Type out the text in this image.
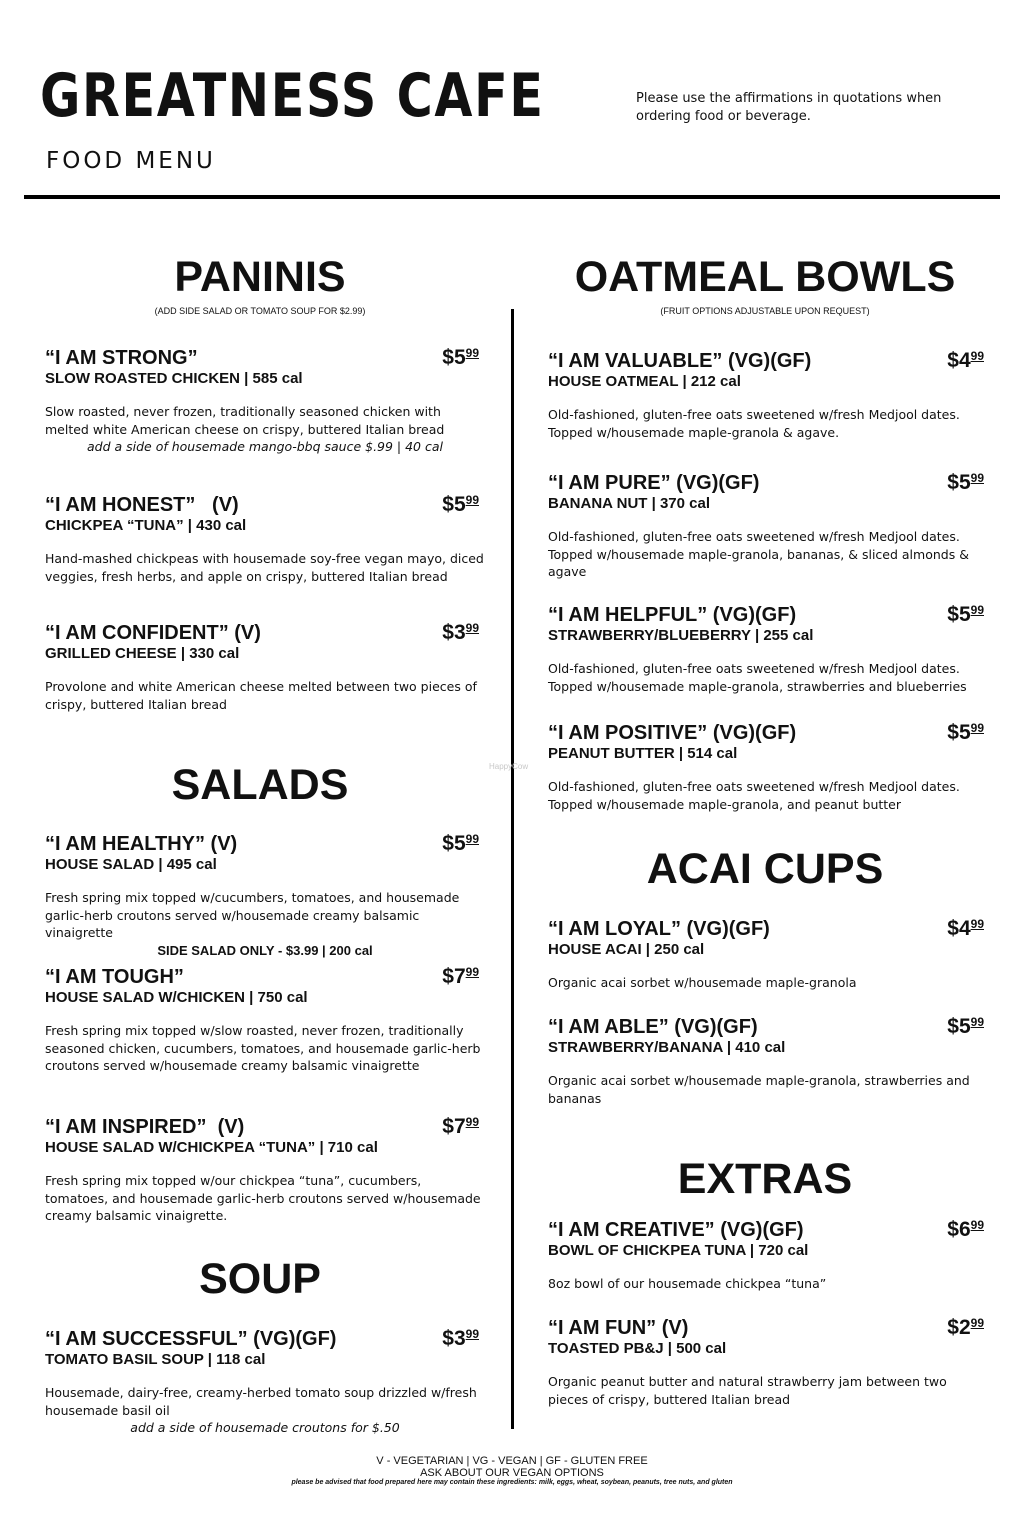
GREATNESS CAFE
FOOD MENU
Please use the affirmations in quotations when ordering food or beverage.
PANINIS
(ADD SIDE SALAD OR TOMATO SOUP FOR $2.99)
“I AM STRONG”
SLOW ROASTED CHICKEN | 585 cal
$\$5^{99}$
Slow roasted, never frozen, traditionally seasoned chicken with melted white American cheese on crispy, buttered Italian bread
add a side of housemade mango-bbq sauce $.99 | 40 cal
“I AM HONEST”   (V)
CHICKPEA “TUNA” | 430 cal
$\$5^{99}$
Hand-mashed chickpeas with housemade soy-free vegan mayo, diced veggies, fresh herbs, and apple on crispy, buttered Italian bread
“I AM CONFIDENT” (V)
GRILLED CHEESE | 330 cal
$\$3^{99}$
Provolone and white American cheese melted between two pieces of crispy, buttered Italian bread
SALADS
“I AM HEALTHY” (V)
HOUSE SALAD | 495 cal
$\$5^{99}$
Fresh spring mix topped w/cucumbers, tomatoes, and housemade garlic-herb croutons served w/housemade creamy balsamic vinaigrette
SIDE SALAD ONLY - $3.99 | 200 cal
“I AM TOUGH”
HOUSE SALAD W/CHICKEN | 750 cal
$\$7^{99}$
Fresh spring mix topped w/slow roasted, never frozen, traditionally seasoned chicken, cucumbers, tomatoes, and housemade garlic-herb croutons served w/housemade creamy balsamic vinaigrette
“I AM INSPIRED”  (V)
HOUSE SALAD W/CHICKPEA “TUNA” | 710 cal
$\$7^{99}$
Fresh spring mix topped w/our chickpea “tuna”, cucumbers, tomatoes, and housemade garlic-herb croutons served w/housemade creamy balsamic vinaigrette.
SOUP
“I AM SUCCESSFUL” (VG)(GF)
TOMATO BASIL SOUP | 118 cal
$\$3^{99}$
Housemade, dairy-free, creamy-herbed tomato soup drizzled w/fresh housemade basil oil
add a side of housemade croutons for $.50
OATMEAL BOWLS
(FRUIT OPTIONS ADJUSTABLE UPON REQUEST)
“I AM VALUABLE” (VG)(GF)
HOUSE OATMEAL | 212 cal
$\$4^{99}$
Old-fashioned, gluten-free oats sweetened w/fresh Medjool dates. Topped w/housemade maple-granola & agave.
“I AM PURE” (VG)(GF)
BANANA NUT | 370 cal
$\$5^{99}$
Old-fashioned, gluten-free oats sweetened w/fresh Medjool dates. Topped w/housemade maple-granola, bananas, & sliced almonds & agave
“I AM HELPFUL” (VG)(GF)
STRAWBERRY/BLUEBERRY | 255 cal
$\$5^{99}$
Old-fashioned, gluten-free oats sweetened w/fresh Medjool dates. Topped w/housemade maple-granola, strawberries and blueberries
“I AM POSITIVE” (VG)(GF)
PEANUT BUTTER | 514 cal
$\$5^{99}$
Old-fashioned, gluten-free oats sweetened w/fresh Medjool dates. Topped w/housemade maple-granola, and peanut butter
ACAI CUPS
“I AM LOYAL” (VG)(GF)
HOUSE ACAI | 250 cal
$\$4^{99}$
Organic acai sorbet w/housemade maple-granola
“I AM ABLE” (VG)(GF)
STRAWBERRY/BANANA | 410 cal
$\$5^{99}$
Organic acai sorbet w/housemade maple-granola, strawberries and bananas
EXTRAS
“I AM CREATIVE” (VG)(GF)
BOWL OF CHICKPEA TUNA | 720 cal
$\$6^{99}$
8oz bowl of our housemade chickpea “tuna”
“I AM FUN” (V)
TOASTED PB&J | 500 cal
$\$2^{99}$
Organic peanut butter and natural strawberry jam between two pieces of crispy, buttered Italian bread
HappyCow
V - VEGETARIAN | VG - VEGAN | GF - GLUTEN FREE
ASK ABOUT OUR VEGAN OPTIONS
please be advised that food prepared here may contain these ingredients: milk, eggs, wheat, soybean, peanuts, tree nuts, and gluten
